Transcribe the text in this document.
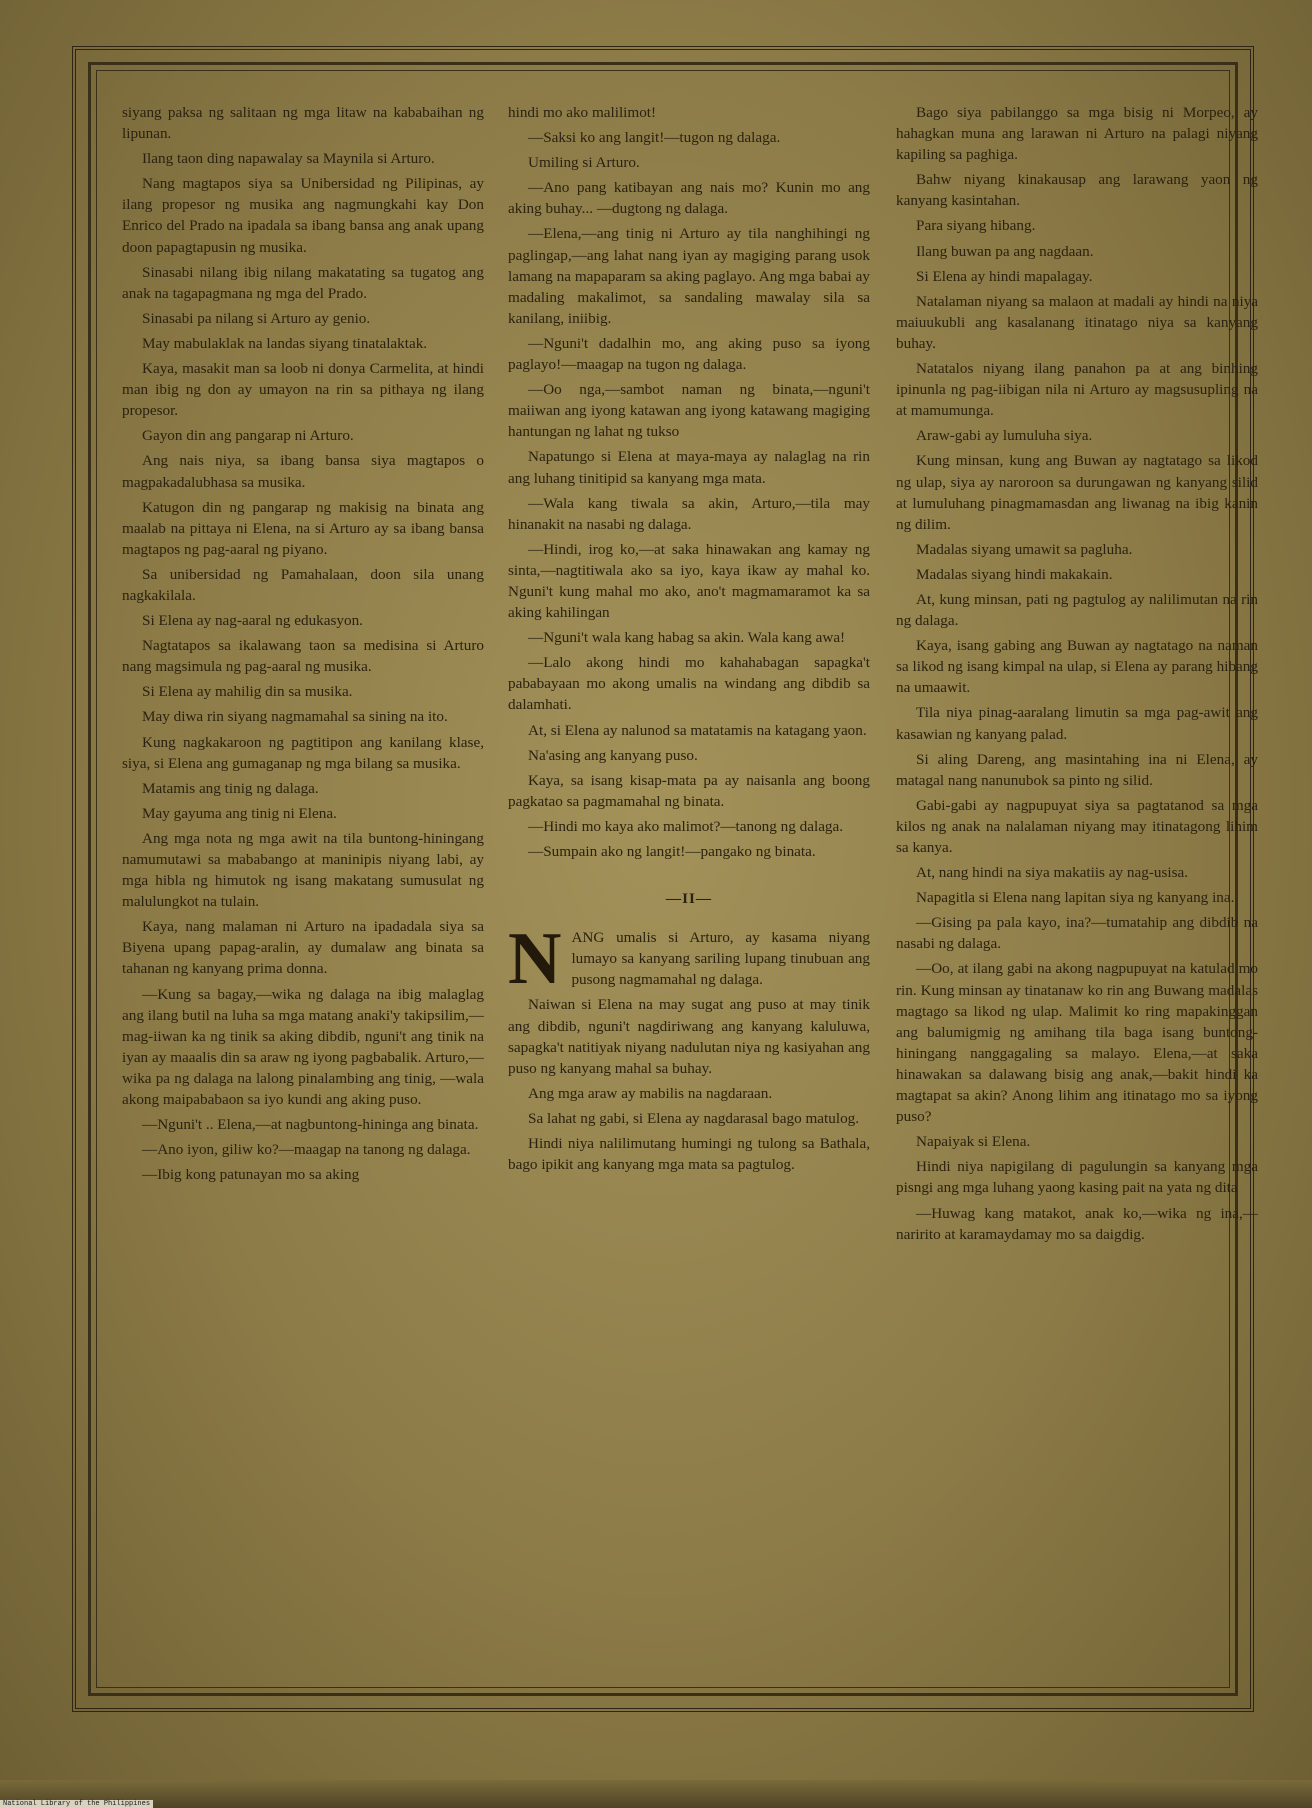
siyang paksa ng salitaan ng mga litaw na kababaihan ng lipunan.

Ilang taon ding napawalay sa Maynila si Arturo.

Nang magtapos siya sa Unibersidad ng Pilipinas, ay ilang propesor ng musika ang nagmungkahi kay Don Enrico del Prado na ipadala sa ibang bansa ang anak upang doon papagtapusin ng musika.

Sinasabi nilang ibig nilang makatating sa tugatog ang anak na tagapagmana ng mga del Prado.

Sinasabi pa nilang si Arturo ay genio.

May mabulaklak na landas siyang tinatalaktak.

Kaya, masakit man sa loob ni donya Carmelita, at hindi man ibig ng don ay umayon na rin sa pithaya ng ilang propesor.

Gayon din ang pangarap ni Arturo.

Ang nais niya, sa ibang bansa siya magtapos o magpakadalubhasa sa musika.

Katugon din ng pangarap ng makisig na binata ang maalab na pittaya ni Elena, na si Arturo ay sa ibang bansa magtapos ng pag-aaral ng piyano.

Sa unibersidad ng Pamahalaan, doon sila unang nagkakilala.

Si Elena ay nag-aaral ng edukasyon.

Nagtatapos sa ikalawang taon sa medisina si Arturo nang magsimula ng pag-aaral ng musika.

Si Elena ay mahilig din sa musika.

May diwa rin siyang nagmamahal sa sining na ito.

Kung nagkakaroon ng pagtitipon ang kanilang klase, siya, si Elena ang gumaganap ng mga bilang sa musika.

Matamis ang tinig ng dalaga.

May gayuma ang tinig ni Elena.

Ang mga nota ng mga awit na tila buntong-hiningang namumutawi sa mababango at maninipis niyang labi, ay mga hibla ng himutok ng isang makatang sumusulat ng malulungkot na tulain.

Kaya, nang malaman ni Arturo na ipadadala siya sa Biyena upang papag-aralin, ay dumalaw ang binata sa tahanan ng kanyang prima donna.

—Kung sa bagay,—wika ng dalaga na ibig malaglag ang ilang butil na luha sa mga matang anaki'y takipsilim,—mag-iiwan ka ng tinik sa aking dibdib, nguni't ang tinik na iyan ay maaalis din sa araw ng iyong pagbabalik. Arturo,—wika pa ng dalaga na lalong pinalambing ang tinig, —wala akong maipababaon sa iyo kundi ang aking puso.

—Nguni't .. Elena,—at nagbuntong-hininga ang binata.

—Ano iyon, giliw ko?—maagap na tanong ng dalaga.

—Ibig kong patunayan mo sa aking

hindi mo ako malilimot!

—Saksi ko ang langit!—tugon ng dalaga.

Umiling si Arturo.

—Ano pang katibayan ang nais mo? Kunin mo ang aking buhay... —dugtong ng dalaga.

—Elena,—ang tinig ni Arturo ay tila nanghihingi ng paglingap,—ang lahat nang iyan ay magiging parang usok lamang na mapaparam sa aking paglayo. Ang mga babai ay madaling makalimot, sa sandaling mawalay sila sa kanilang, iniibig.

—Nguni't dadalhin mo, ang aking puso sa iyong paglayo!—maagap na tugon ng dalaga.

—Oo nga,—sambot naman ng binata,—nguni't maiiwan ang iyong katawan ang iyong katawang magiging hantungan ng lahat ng tukso

Napatungo si Elena at maya-maya ay nalaglag na rin ang luhang tinitipid sa kanyang mga mata.

—Wala kang tiwala sa akin, Arturo,—tila may hinanakit na nasabi ng dalaga.

—Hindi, irog ko,—at saka hinawakan ang kamay ng sinta,—nagtitiwala ako sa iyo, kaya ikaw ay mahal ko. Nguni't kung mahal mo ako, ano't magmamaramot ka sa aking kahilingan

—Nguni't wala kang habag sa akin. Wala kang awa!

—Lalo akong hindi mo kahahabagan sapagka't pababayaan mo akong umalis na windang ang dibdib sa dalamhati.

At, si Elena ay nalunod sa matatamis na katagang yaon.

Na'asing ang kanyang puso.

Kaya, sa isang kisap-mata pa ay naisanla ang boong pagkatao sa pagmamahal ng binata.

—Hindi mo kaya ako malimot?—tanong ng dalaga.

—Sumpain ako ng langit!—pangako ng binata.

—II—

NANG umalis si Arturo, ay kasama niyang lumayo sa kanyang sariling lupang tinubuan ang pusong nagmamahal ng dalaga.

Naiwan si Elena na may sugat ang puso at may tinik ang dibdib, nguni't nagdiriwang ang kanyang kaluluwa, sapagka't natitiyak niyang nadulutan niya ng kasiyahan ang puso ng kanyang mahal sa buhay.

Ang mga araw ay mabilis na nagdaraan.

Sa lahat ng gabi, si Elena ay nagdarasal bago matulog.

Hindi niya nalilimutang humingi ng tulong sa Bathala, bago ipikit ang kanyang mga mata sa pagtulog.

Bago siya pabilanggo sa mga bisig ni Morpeo, ay hahagkan muna ang larawan ni Arturo na palagi niyang kapiling sa paghiga.

Bahw niyang kinakausap ang larawang yaon ng kanyang kasintahan.

Para siyang hibang.

Ilang buwan pa ang nagdaan.

Si Elena ay hindi mapalagay.

Natalaman niyang sa malaon at madali ay hindi na niya maiuukubli ang kasalanang itinatago niya sa kanyang buhay.

Natatalos niyang ilang panahon pa at ang binhing ipinunla ng pag-iibigan nila ni Arturo ay magsusupling na at mamumunga.

Araw-gabi ay lumuluha siya.

Kung minsan, kung ang Buwan ay nagtatago sa likod ng ulap, siya ay naroroon sa durungawan ng kanyang silid at lumuluhang pinagmamasdan ang liwanag na ibig kanin ng dilim.

Madalas siyang umawit sa pagluha.

Madalas siyang hindi makakain.

At, kung minsan, pati ng pagtulog ay nalilimutan na rin ng dalaga.

Kaya, isang gabing ang Buwan ay nagtatago na naman sa likod ng isang kimpal na ulap, si Elena ay parang hibang na umaawit.

Tila niya pinag-aaralang limutin sa mga pag-awit ang kasawian ng kanyang palad.

Si aling Dareng, ang masintahing ina ni Elena, ay matagal nang nanunubok sa pinto ng silid.

Gabi-gabi ay nagpupuyat siya sa pagtatanod sa mga kilos ng anak na nalalaman niyang may itinatagong lihim sa kanya.

At, nang hindi na siya makatiis ay nag-usisa.

Napagitla si Elena nang lapitan siya ng kanyang ina.

—Gising pa pala kayo, ina?—tumatahip ang dibdib na nasabi ng dalaga.

—Oo, at ilang gabi na akong nagpupuyat na katulad mo rin. Kung minsan ay tinatanaw ko rin ang Buwang madalas magtago sa likod ng ulap. Malimit ko ring mapakinggan ang balumigmig ng amihang tila baga isang buntong-hiningang nanggagaling sa malayo. Elena,—at saka hinawakan sa dalawang bisig ang anak,—bakit hindi ka magtapat sa akin? Anong lihim ang itinatago mo sa iyong puso?

Napaiyak si Elena.

Hindi niya napigilang di pagulungin sa kanyang mga pisngi ang mga luhang yaong kasing pait na yata ng dita

—Huwag kang matakot, anak ko,—wika ng ina,—naririto at karamaydamay mo sa daigdig.

National Library of the Philippines
